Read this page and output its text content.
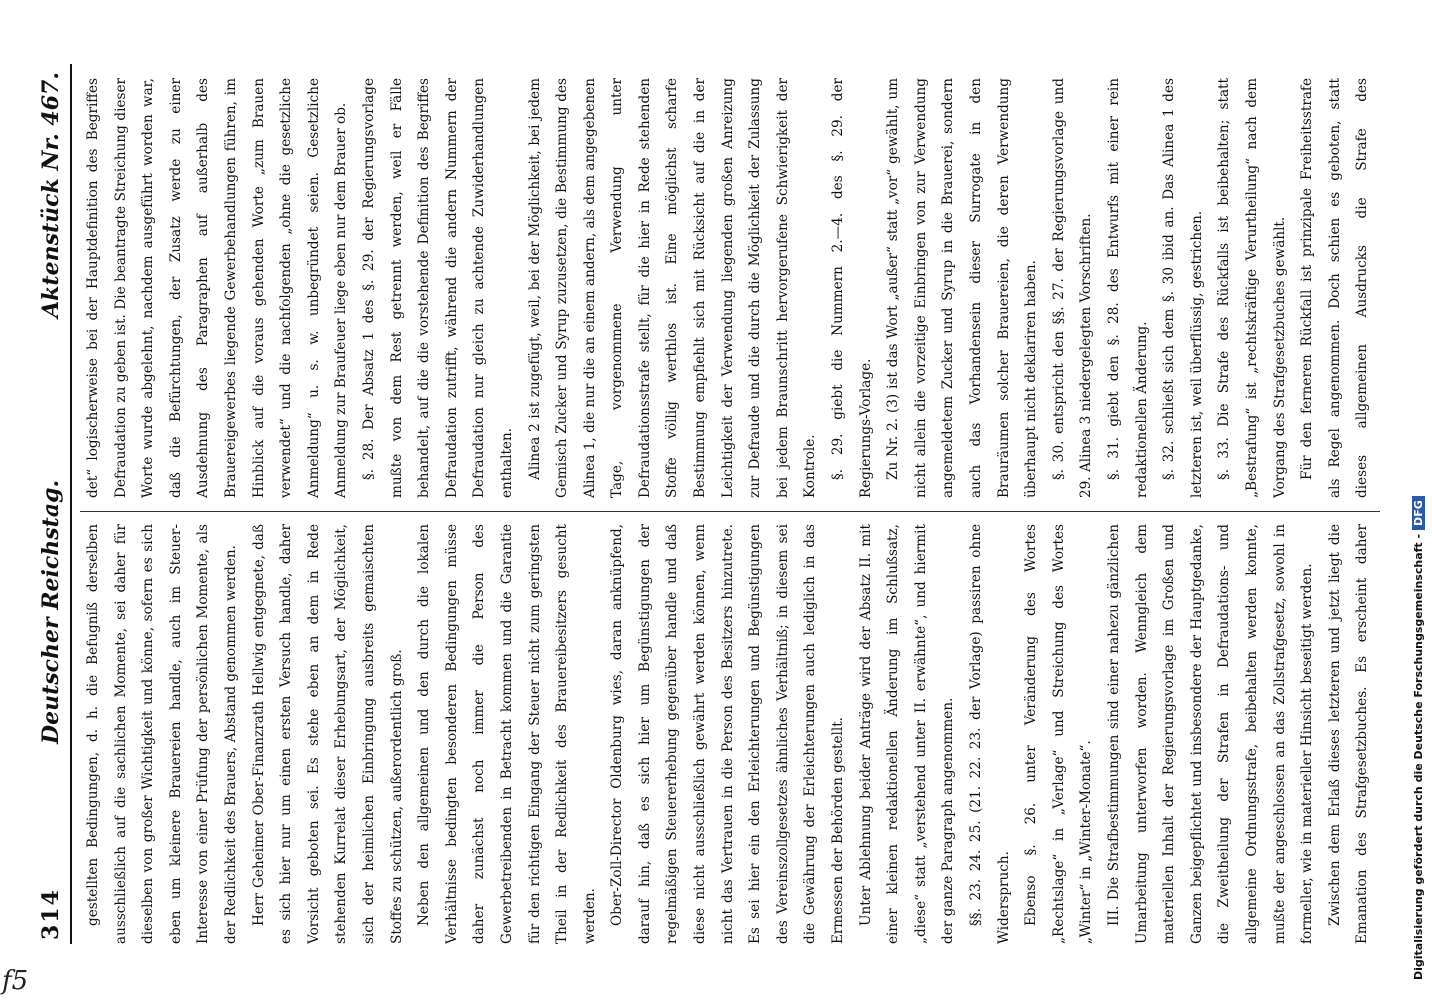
314
Deutscher Reichstag.
Aktenstück Nr. 467.

gestellten Bedingungen, d. h. die Befugniß derselben ausschließlich auf die sachlichen Momente, sei daher für dieselben von großer Wichtigkeit und könne, sofern es sich eben um kleinere Brauereien handle, auch im Steuer-Interesse von einer Prüfung der persönlichen Momente, als der Redlichkeit des Brauers, Abstand genommen werden. Herr Geheimer Ober-Finanzrath Hellwig entgegnete, daß es sich hier nur um einen ersten Versuch handle, daher Vorsicht geboten sei. Es stehe eben an dem in Rede stehenden Kurrelat dieser Erhebungsart, der Möglichkeit, sich der heimlichen Einbringung ausbreits gemaischten Stoffes zu schützen, außerordentlich groß. Neben den allgemeinen und den durch die lokalen Verhältnisse bedingten besonderen Bedingungen müsse daher zunächst noch immer die Person des Gewerbetreibenden in Betracht kommen und die Garantie für den richtigen Eingang der Steuer nicht zum geringsten Theil in der Redlichkeit des Brauereibesitzers gesucht werden. Ober-Zoll-Director Oldenburg wies, daran anknüpfend, darauf hin, daß es sich hier um Begünstigungen der regelmäßigen Steuererhebung gegenüber handle und daß diese nicht ausschließlich gewährt werden können, wenn nicht das Vertrauen in die Person des Besitzers hinzutrete. Es sei hier ein den Erleichterungen und Begünstigungen des Vereinszollgesetzes ähnliches Verhältniß; in diesem sei die Gewährung der Erleichterungen auch lediglich in das Ermessen der Behörden gestellt. Unter Ablehnung beider Anträge wird der Absatz II. mit einer kleinen redaktionellen Änderung im Schlußsatz, „diese“ statt „verstehend unter II. erwähnte“, und hiermit der ganze Paragraph angenommen. §§. 23. 24. 25. (21. 22. 23. der Vorlage) passiren ohne Widerspruch. Ebenso §. 26. unter Veränderung des Wortes „Rechtslage“ in „Verlage“ und Streichung des Wortes „Winter“ in „Winter-Monate“. III. Die Strafbestimmungen sind einer nahezu gänzlichen Umarbeitung unterworfen worden. Wenngleich dem materiellen Inhalt der Regierungsvorlage im Großen und Ganzen beigepflichtet und insbesondere der Hauptgedanke, die Zweitheilung der Strafen in Defraudations- und allgemeine Ordnungsstrafe, beibehalten werden konnte, mußte der angeschlossen an das Zollstrafgesetz, sowohl in formeller, wie in materieller Hinsicht beseitigt werden. Zwischen dem Erlaß dieses letzteren und jetzt liegt die Emanation des Strafgesetzbuches. Es erscheint daher

det“ logischerweise bei der Hauptdefinition des Begriffes Defraudation zu geben ist. Die beantragte Streichung dieser Worte wurde abgelehnt, nachdem ausgeführt worden war, daß die Befürchtungen, der Zusatz werde zu einer Ausdehnung des Paragraphen auf außerhalb des Brauereigewerbes liegende Gewerbehandlungen führen, im Hinblick auf die voraus gehenden Worte „zum Brauen verwendet“ und die nachfolgenden „ohne die gesetzliche Anmeldung“ u. s. w. unbegründet seien. Gesetzliche Anmeldung zur Braufeuer liege eben nur dem Brauer ob. §. 28. Der Absatz 1 des §. 29. der Regierungsvorlage mußte von dem Rest getrennt werden, weil er Fälle behandelt, auf die die vorstehende Definition des Begriffes Defraudation zutrifft, während die andern Nummern der Defraudation nur gleich zu achtende Zuwiderhandlungen enthalten. Alinea 2 ist zugefügt, weil, bei der Möglichkeit, bei jedem Gemisch Zucker und Syrup zuzusetzen, die Bestimmung des Alinea 1, die nur die an einem andern, als dem angegebenen Tage, vorgenommene Verwendung unter Defraudationsstrafe stellt, für die hier in Rede stehenden Stoffe völlig werthlos ist. Eine möglichst scharfe Bestimmung empfiehlt sich mit Rücksicht auf die in der Leichtigkeit der Verwendung liegenden großen Anreizung zur Defraude und die durch die Möglichkeit der Zulassung bei jedem Braunschritt hervorgerufene Schwierigkeit der Kontrole. §. 29. giebt die Nummern 2.—4. des §. 29. der Regierungs-Vorlage. Zu Nr. 2. (3) ist das Wort „außer“ statt „vor“ gewählt, um nicht allein die vorzeitige Einbringen von zur Verwendung angemeldetem Zucker und Syrup in die Brauerei, sondern auch das Vorhandensein dieser Surrogate in den Brauräumen solcher Brauereien, die deren Verwendung überhaupt nicht deklariren haben. §. 30. entspricht den §§. 27. der Regierungsvorlage und 29. Alinea 3 niedergelegten Vorschriften. §. 31. giebt den §. 28. des Entwurfs mit einer rein redaktionellen Änderung. §. 32. schließt sich dem §. 30 ibid an. Das Alinea 1 des letzteren ist, weil überflüssig, gestrichen. §. 33. Die Strafe des Rückfalls ist beibehalten; statt „Bestrafung“ ist „rechtskräftige Verurtheilung“ nach dem Vorgang des Strafgesetzbuches gewählt. Für den ferneren Rückfall ist prinzipale Freiheitsstrafe als Regel angenommen. Doch schien es geboten, statt dieses allgemeinen Ausdrucks die Strafe des

Digitalisierung gefördert durch die Deutsche Forschungsgemeinschaft -DFG
f5
